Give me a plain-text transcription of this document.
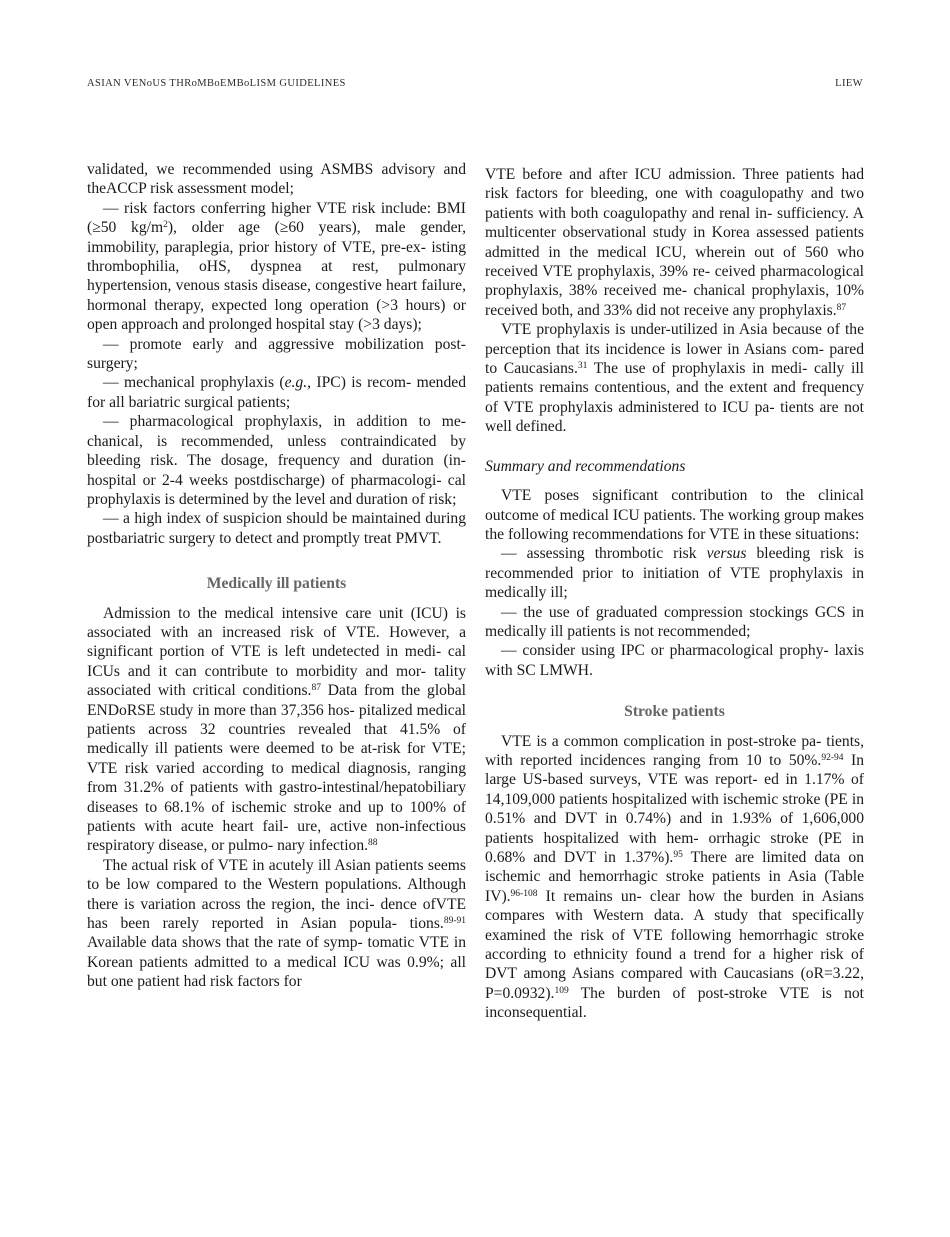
ASIAN VENoUS THRoMBoEMBoLISM GUIDELINES	LIEW

validated, we recommended using ASMBS advisory and theACCP risk assessment model;

— risk factors conferring higher VTE risk include: BMI (≥50 $kg/m^2$), older age (≥60 years), male gender, immobility, paraplegia, prior history of VTE, pre-ex- isting thrombophilia, oHS, dyspnea at rest, pulmonary hypertension, venous stasis disease, congestive heart failure, hormonal therapy, expected long operation (>3 hours) or open approach and prolonged hospital stay (>3 days);

— promote early and aggressive mobilization post-surgery;

— mechanical prophylaxis (e.g., IPC) is recom- mended for all bariatric surgical patients;

— pharmacological prophylaxis, in addition to me- chanical, is recommended, unless contraindicated by bleeding risk. The dosage, frequency and duration (in- hospital or 2-4 weeks postdischarge) of pharmacologi- cal prophylaxis is determined by the level and duration of risk;

— a high index of suspicion should be maintained during postbariatric surgery to detect and promptly treat PMVT.

Medically ill patients

Admission to the medical intensive care unit (ICU) is associated with an increased risk of VTE. However, a significant portion of VTE is left undetected in medi- cal ICUs and it can contribute to morbidity and mor- tality associated with critical conditions.$^{87}$ Data from the global ENDoRSE study in more than 37,356 hos- pitalized medical patients across 32 countries revealed that 41.5% of medically ill patients were deemed to be at-risk for VTE; VTE risk varied according to medical diagnosis, ranging from 31.2% of patients with gastro-intestinal/hepatobiliary diseases to 68.1% of ischemic stroke and up to 100% of patients with acute heart fail- ure, active non-infectious respiratory disease, or pulmo- nary infection.$^{88}$

The actual risk of VTE in acutely ill Asian patients seems to be low compared to the Western populations. Although there is variation across the region, the inci- dence ofVTE has been rarely reported in Asian popula- tions.$^{89-91}$ Available data shows that the rate of symp- tomatic VTE in Korean patients admitted to a medical ICU was 0.9%; all but one patient had risk factors for

VTE before and after ICU admission. Three patients had risk factors for bleeding, one with coagulopathy and two patients with both coagulopathy and renal in- sufficiency. A multicenter observational study in Korea assessed patients admitted in the medical ICU, wherein out of 560 who received VTE prophylaxis, 39% re- ceived pharmacological prophylaxis, 38% received me- chanical prophylaxis, 10% received both, and 33% did not receive any prophylaxis.$^{87}$

VTE prophylaxis is under-utilized in Asia because of the perception that its incidence is lower in Asians com- pared to Caucasians.$^{31}$ The use of prophylaxis in medi- cally ill patients remains contentious, and the extent and frequency of VTE prophylaxis administered to ICU pa- tients are not well defined.

Summary and recommendations

VTE poses significant contribution to the clinical outcome of medical ICU patients. The working group makes the following recommendations for VTE in these situations:

— assessing thrombotic risk versus bleeding risk is recommended prior to initiation of VTE prophylaxis in medically ill;

— the use of graduated compression stockings GCS in medically ill patients is not recommended;

— consider using IPC or pharmacological prophy- laxis with SC LMWH.

Stroke patients

VTE is a common complication in post-stroke pa- tients, with reported incidences ranging from 10 to 50%.$^{92-94}$ In large US-based surveys, VTE was report- ed in 1.17% of 14,109,000 patients hospitalized with ischemic stroke (PE in 0.51% and DVT in 0.74%) and in 1.93% of 1,606,000 patients hospitalized with hem- orrhagic stroke (PE in 0.68% and DVT in 1.37%).$^{95}$ There are limited data on ischemic and hemorrhagic stroke patients in Asia (Table IV).$^{96-108}$ It remains un- clear how the burden in Asians compares with Western data. A study that specifically examined the risk of VTE following hemorrhagic stroke according to ethnicity found a trend for a higher risk of DVT among Asians compared with Caucasians (oR=3.22, P=0.0932).$^{109}$ The burden of post-stroke VTE is not inconsequential.
